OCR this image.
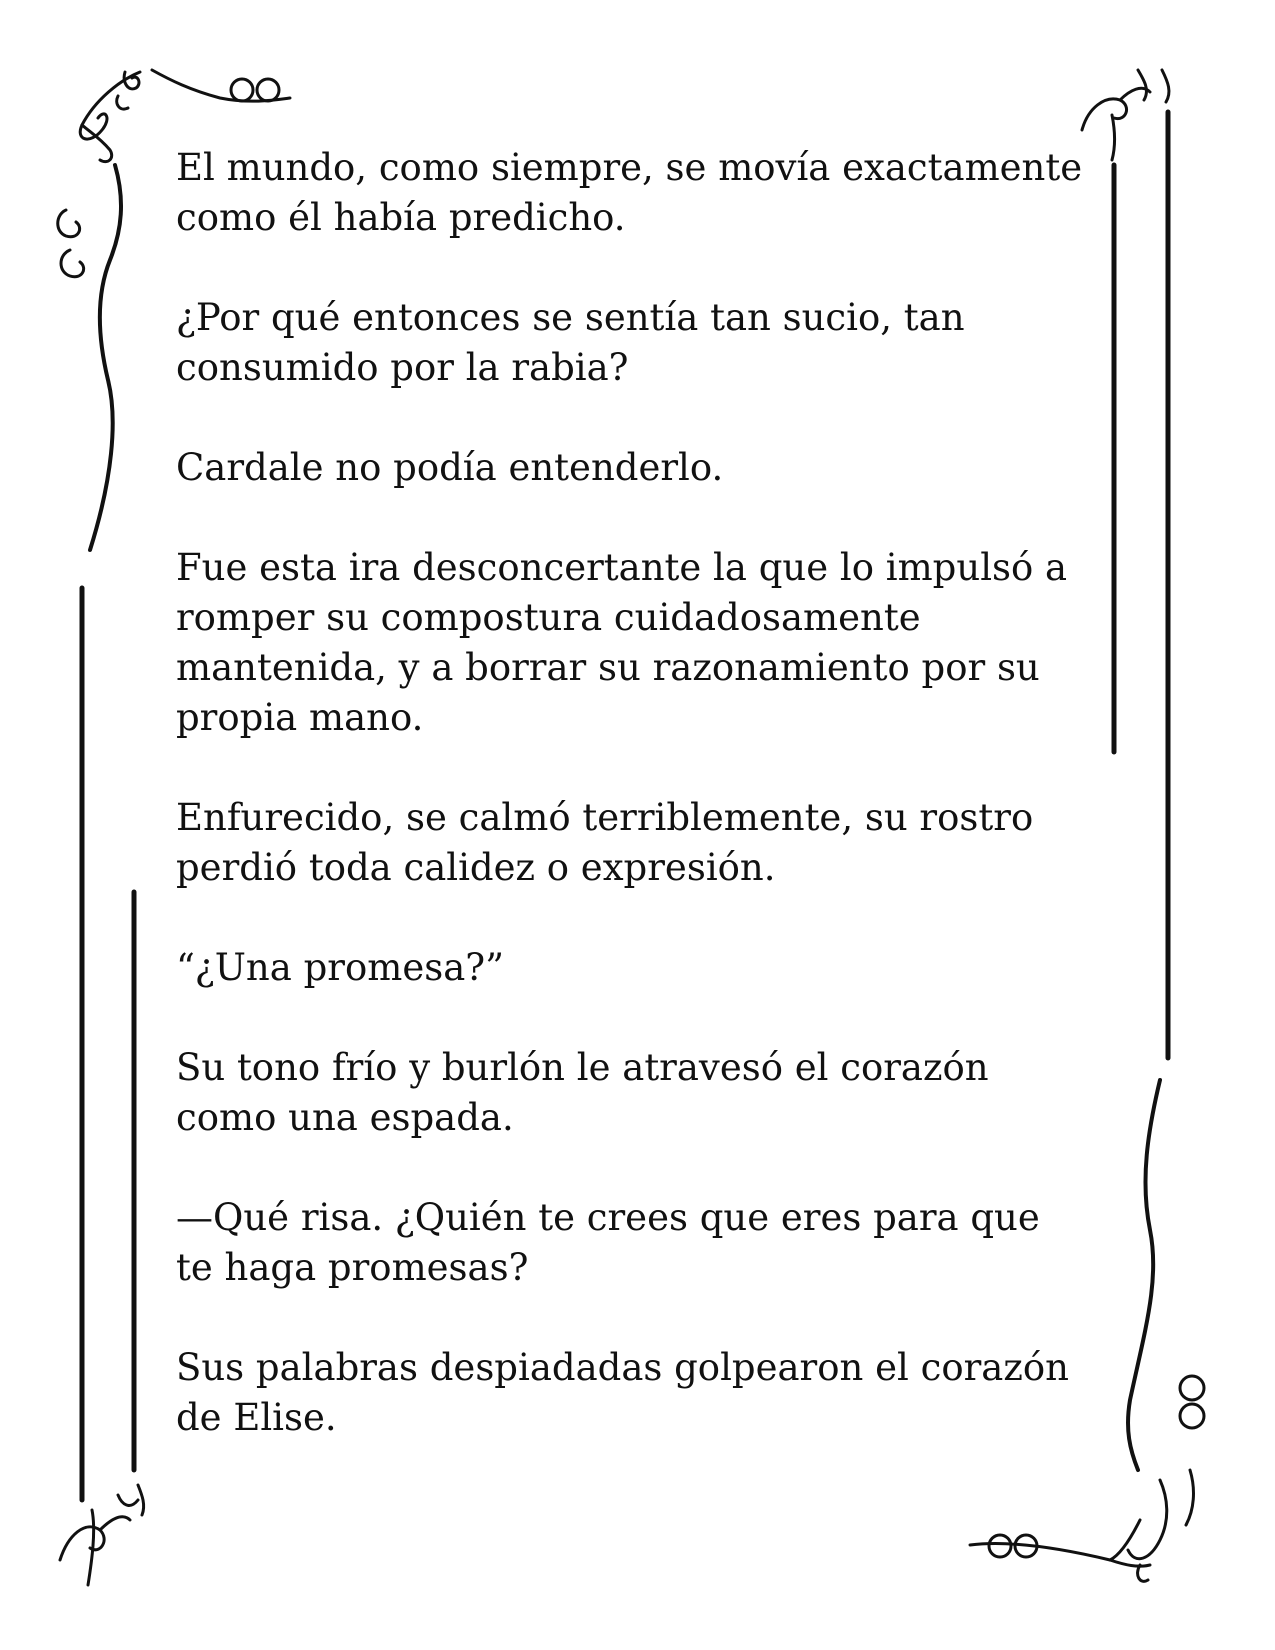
El mundo, como siempre, se movía exactamente
como él había predicho.

¿Por qué entonces se sentía tan sucio, tan
consumido por la rabia?

Cardale no podía entenderlo.

Fue esta ira desconcertante la que lo impulsó a
romper su compostura cuidadosamente
mantenida, y a borrar su razonamiento por su
propia mano.

Enfurecido, se calmó terriblemente, su rostro
perdió toda calidez o expresión.

“¿Una promesa?”

Su tono frío y burlón le atravesó el corazón
como una espada.

—Qué risa. ¿Quién te crees que eres para que
te haga promesas?

Sus palabras despiadadas golpearon el corazón
de Elise.
